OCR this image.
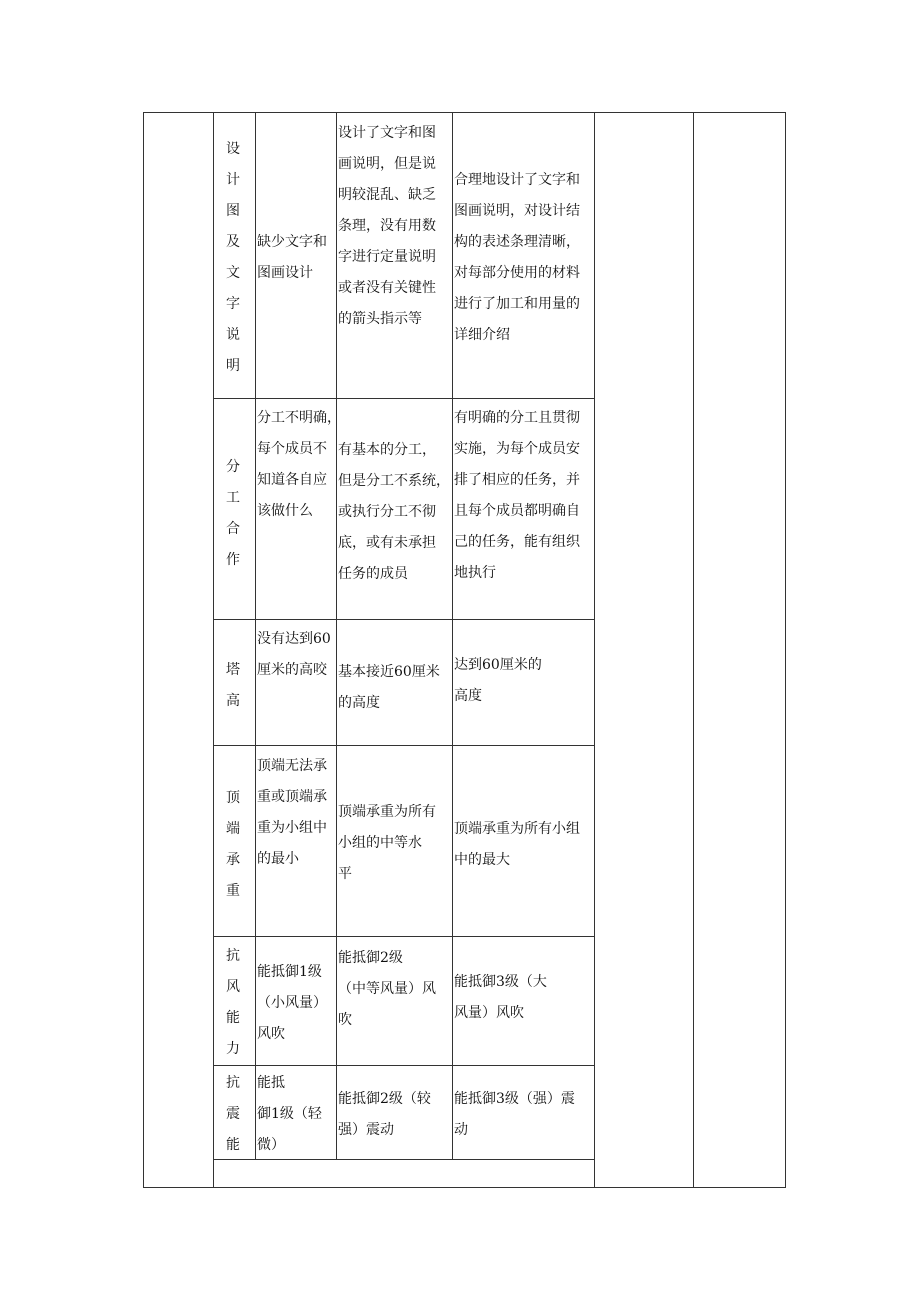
设
计
图
及
文
字
说
明
缺少文字和
图画设计
设计了文字和图
画说明，但是说
明较混乱、缺乏
条理，没有用数
字进行定量说明
或者没有关键性
的箭头指示等
合理地设计了文字和
图画说明，对设计结
构的表述条理清晰，
对每部分使用的材料
进行了加工和用量的
详细介绍
分
工
合
作
分工不明确，
每个成员不
知道各自应
该做什么
有基本的分工，
但是分工不系统，
或执行分工不彻
底，或有未承担
任务的成员
有明确的分工且贯彻
实施，为每个成员安
排了相应的任务，并
且每个成员都明确自
己的任务，能有组织
地执行
塔
高
没有达到60
厘米的高咬 基本接近60厘米
的高度
达到60厘米的
高度
顶
端
承
重
顶端无法承
重或顶端承
重为小组中
的最小
顶端承重为所有
小组的中等水
平
顶端承重为所有小组
中的最大
抗
风
能
力
能抵御1级
（小风量）
风吹
能抵御2级
（中等风量）风
吹
能抵御3级（大
风量）风吹
抗
震
能
能抵
御1级（轻
微）
能抵御2级（较
强）震动
能抵御3级（强）震
动
